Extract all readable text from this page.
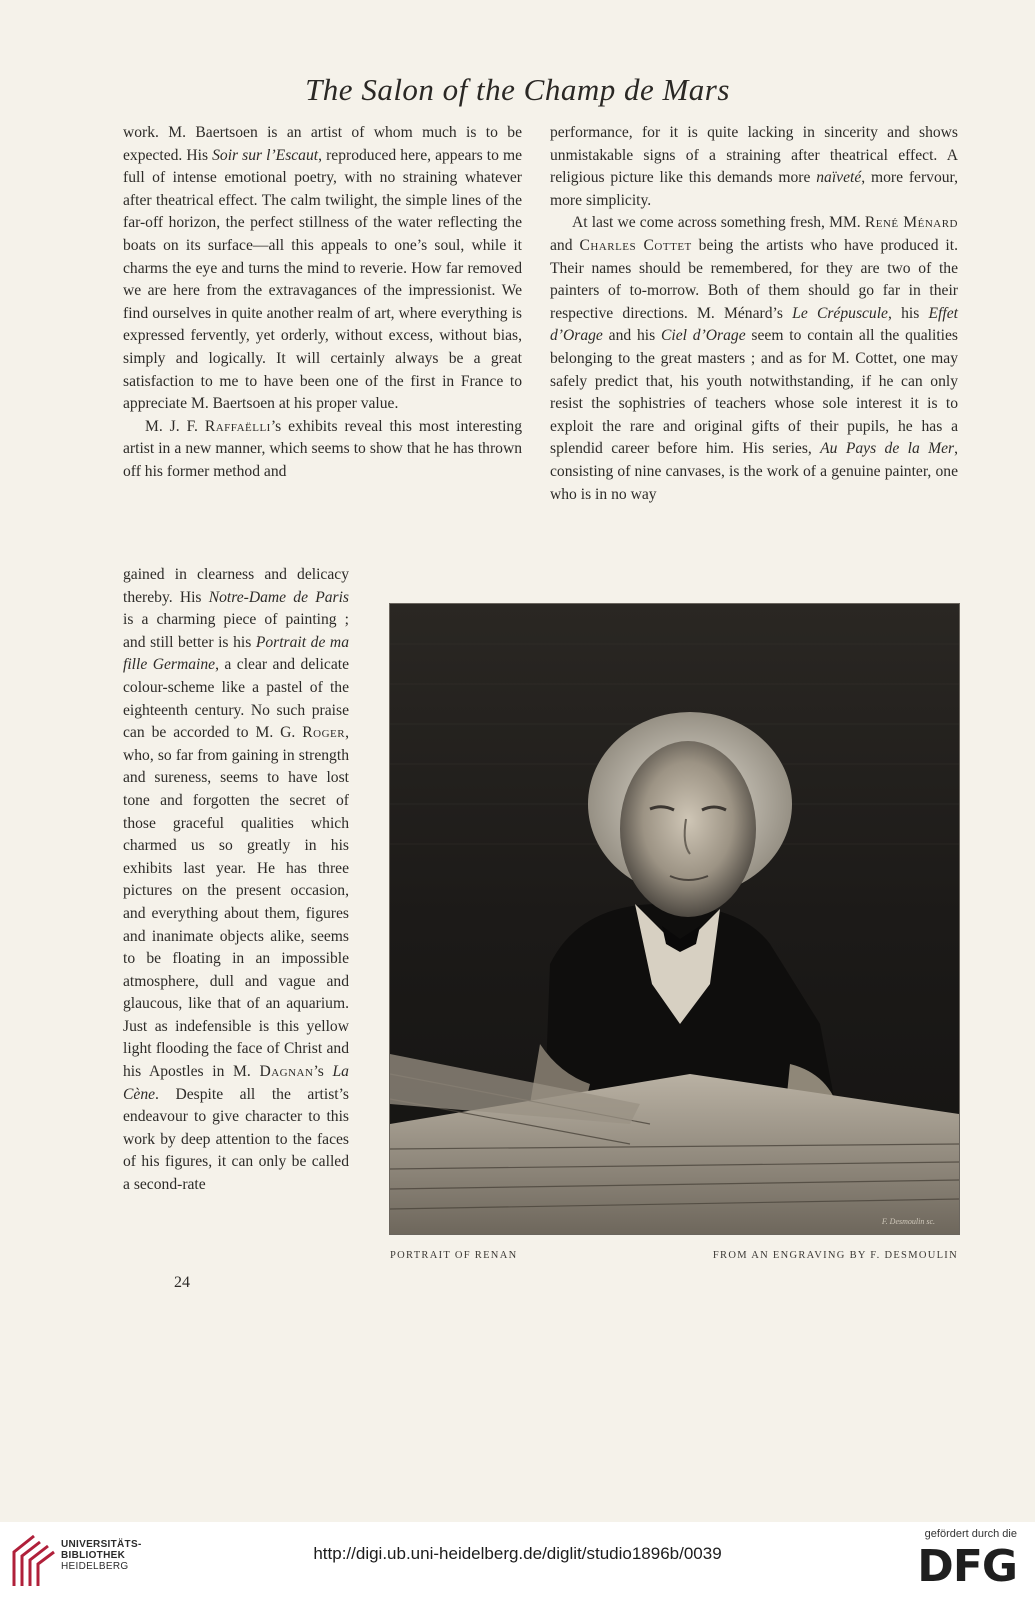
The Salon of the Champ de Mars

work. M. Baertsoen is an artist of whom much is to be expected. His Soir sur l’Escaut, reproduced here, appears to me full of intense emotional poetry, with no straining whatever after theatrical effect. The calm twilight, the simple lines of the far-off horizon, the perfect stillness of the water reflecting the boats on its surface—all this appeals to one’s soul, while it charms the eye and turns the mind to reverie. How far removed we are here from the extravagances of the impressionist. We find ourselves in quite another realm of art, where everything is expressed fervently, yet orderly, without excess, without bias, simply and logically. It will certainly always be a great satisfaction to me to have been one of the first in France to appreciate M. Baertsoen at his proper value.

M. J. F. Raffaëlli’s exhibits reveal this most interesting artist in a new manner, which seems to show that he has thrown off his former method and

gained in clearness and delicacy thereby. His Notre-Dame de Paris is a charming piece of painting ; and still better is his Portrait de ma fille Germaine, a clear and delicate colour-scheme like a pastel of the eighteenth century. No such praise can be accorded to M. G. Roger, who, so far from gaining in strength and sureness, seems to have lost tone and forgotten the secret of those graceful qualities which charmed us so greatly in his exhibits last year. He has three pictures on the present occasion, and everything about them, figures and inanimate objects alike, seems to be floating in an impossible atmosphere, dull and vague and glaucous, like that of an aquarium. Just as indefensible is this yellow light flooding the face of Christ and his Apostles in M. Dagnan’s La Cène. Despite all the artist’s endeavour to give character to this work by deep attention to the faces of his figures, it can only be called a second-rate

performance, for it is quite lacking in sincerity and shows unmistakable signs of a straining after theatrical effect. A religious picture like this demands more naïveté, more fervour, more simplicity.

At last we come across something fresh, MM. René Ménard and Charles Cottet being the artists who have produced it. Their names should be remembered, for they are two of the painters of to-morrow. Both of them should go far in their respective directions. M. Ménard’s Le Crépuscule, his Effet d’Orage and his Ciel d’Orage seem to contain all the qualities belonging to the great masters ; and as for M. Cottet, one may safely predict that, his youth notwithstanding, if he can only resist the sophistries of teachers whose sole interest it is to exploit the rare and original gifts of their pupils, he has a splendid career before him. His series, Au Pays de la Mer, consisting of nine canvases, is the work of a genuine painter, one who is in no way

F. Desmoulin sc.
PORTRAIT OF RENAN	FROM AN ENGRAVING BY F. DESMOULIN
24
UNIVERSITÄTS-
BIBLIOTHEK
HEIDELBERG
http://digi.ub.uni-heidelberg.de/diglit/studio1896b/0039
gefördert durch die
DFG
